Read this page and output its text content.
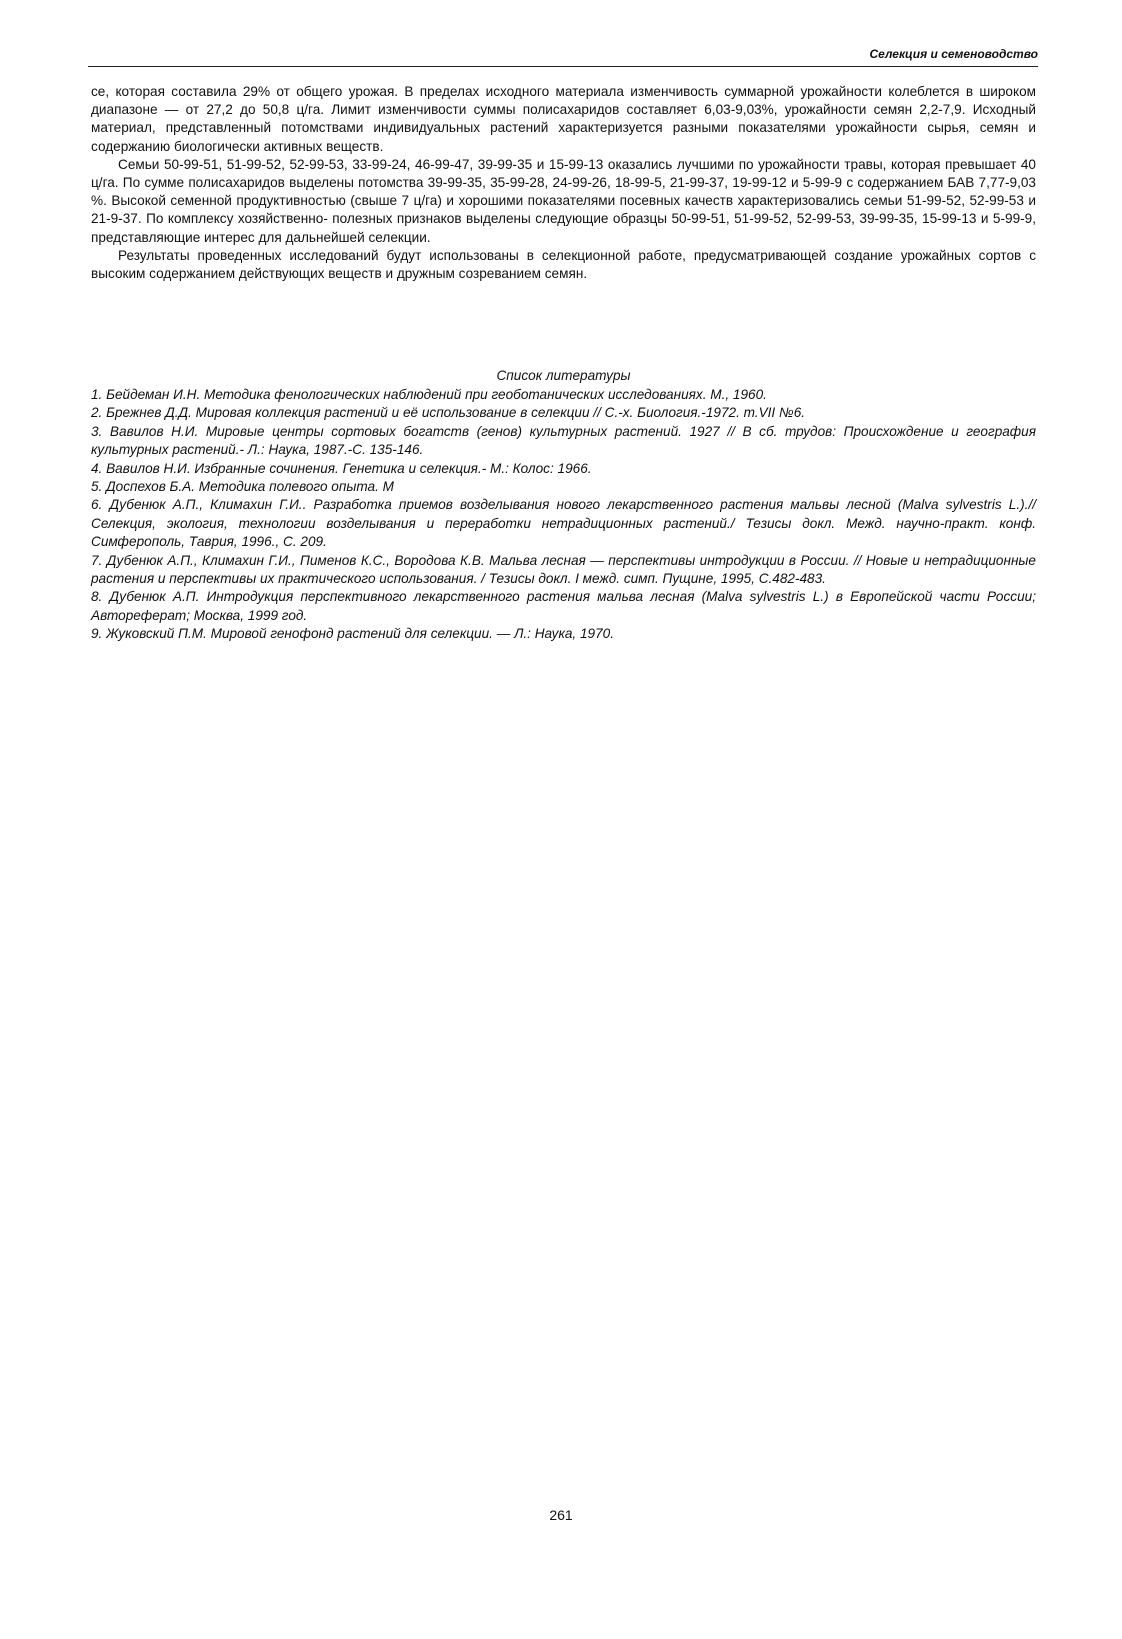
Селекция и семеноводство

се, которая составила 29% от общего урожая. В пределах исходного материала изменчивость суммарной урожайности колеблется в широком диапазоне — от 27,2 до 50,8 ц/га. Лимит изменчивости суммы полисахаридов составляет 6,03-9,03%, урожайности семян 2,2-7,9. Исходный материал, представленный потомствами индивидуальных растений характеризуется разными показателями урожайности сырья, семян и содержанию биологически активных веществ.

Семьи 50-99-51, 51-99-52, 52-99-53, 33-99-24, 46-99-47, 39-99-35 и 15-99-13 оказались лучшими по урожайности травы, которая превышает 40 ц/га. По сумме полисахаридов выделены потомства 39-99-35, 35-99-28, 24-99-26, 18-99-5, 21-99-37, 19-99-12 и 5-99-9 с содержанием БАВ 7,77-9,03 %. Высокой семенной продуктивностью (свыше 7 ц/га) и хорошими показателями посевных качеств характеризовались семьи 51-99-52, 52-99-53 и 21-9-37. По комплексу хозяйственно- полезных признаков выделены следующие образцы 50-99-51, 51-99-52, 52-99-53, 39-99-35, 15-99-13 и 5-99-9, представляющие интерес для дальнейшей селекции.

Результаты проведенных исследований будут использованы в селекционной работе, предусматривающей создание урожайных сортов с высоким содержанием действующих веществ и дружным созреванием семян.

Список литературы

1. Бейдеман И.Н. Методика фенологических наблюдений при геоботанических исследованиях. М., 1960.

2. Брежнев Д.Д. Мировая коллекция растений и её использование в селекции // С.-х. Биология.-1972. т.VII №6.

3. Вавилов Н.И. Мировые центры сортовых богатств (генов) культурных растений. 1927 // В сб. трудов: Происхождение и география культурных растений.- Л.: Наука, 1987.-С. 135-146.

4. Вавилов Н.И. Избранные сочинения. Генетика и селекция.- М.: Колос: 1966.

5. Доспехов Б.А. Методика полевого опыта. М

6. Дубенюк А.П., Климахин Г.И.. Разработка приемов возделывания нового лекарственного растения мальвы лесной (Malva sylvestris L.).// Селекция, экология, технологии возделывания и переработки нетрадиционных растений./ Тезисы докл. Межд. научно-практ. конф. Симферополь, Таврия, 1996., С. 209.

7. Дубенюк А.П., Климахин Г.И., Пименов К.С., Вородова К.В. Мальва лесная — перспективы интродукции в России. // Новые и нетрадиционные растения и перспективы их практического использования. / Тезисы докл. I межд. симп. Пущине, 1995, С.482-483.

8. Дубенюк А.П. Интродукция перспективного лекарственного растения мальва лесная (Malva sylvestris L.) в Европейской части России; Автореферат; Москва, 1999 год.

9. Жуковский П.М. Мировой генофонд растений для селекции. — Л.: Наука, 1970.

261
